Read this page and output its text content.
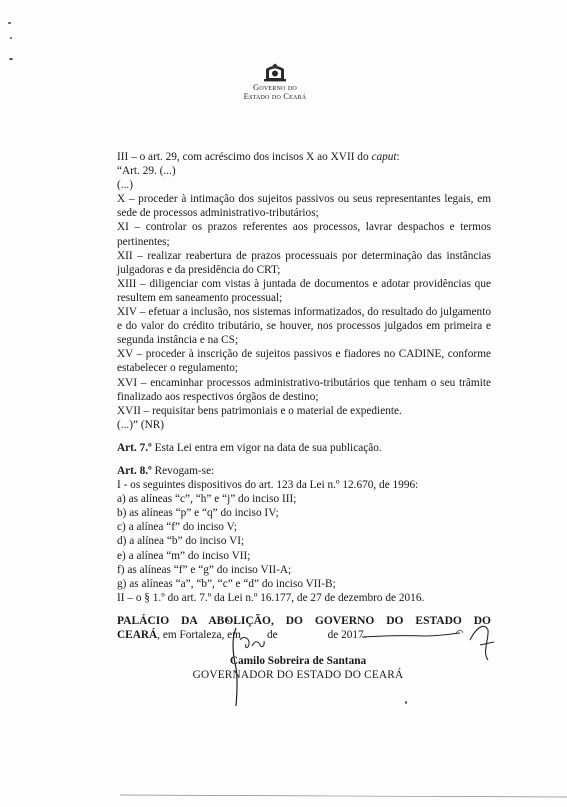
Governo do
Estado do Ceará

III – o art. 29, com acréscimo dos incisos X ao XVII do caput:

“Art. 29. (...)

(...)

X – proceder à intimação dos sujeitos passivos ou seus representantes legais, em sede de processos administrativo-tributários;

XI – controlar os prazos referentes aos processos, lavrar despachos e termos pertinentes;

XII – realizar reabertura de prazos processuais por determinação das instâncias julgadoras e da presidência do CRT;

XIII – diligenciar com vistas à juntada de documentos e adotar providências que resultem em saneamento processual;

XIV – efetuar a inclusão, nos sistemas informatizados, do resultado do julgamento e do valor do crédito tributário, se houver, nos processos julgados em primeira e segunda instância e na CS;

XV – proceder à inscrição de sujeitos passivos e fiadores no CADINE, conforme estabelecer o regulamento;

XVI – encaminhar processos administrativo-tributários que tenham o seu trâmite finalizado aos respectivos órgãos de destino;

XVII – requisitar bens patrimoniais e o material de expediente.

(...)” (NR)

Art. 7.º Esta Lei entra em vigor na data de sua publicação.

Art. 8.º Revogam-se:

I - os seguintes dispositivos do art. 123 da Lei n.º 12.670, de 1996:

a) as alíneas “c”, “h” e “j” do inciso III;

b) as alíneas “p” e “q” do inciso IV;

c) a alínea “f” do inciso V;

d) a alínea “b” do inciso VI;

e) a alínea “m” do inciso VII;

f) as alíneas “f” e “g” do inciso VII-A;

g) as alíneas “a”, “b”, “c” e “d” do inciso VII-B;

II – o § 1.º do art. 7.º da Lei n.º 16.177, de 27 de dezembro de 2016.

PALÁCIO DA ABOLIÇÃO, DO GOVERNO DO ESTADO DO

CEARÁ, em Fortaleza, em de	de 2017.

Camilo Sobreira de Santana
GOVERNADOR DO ESTADO DO CEARÁ
